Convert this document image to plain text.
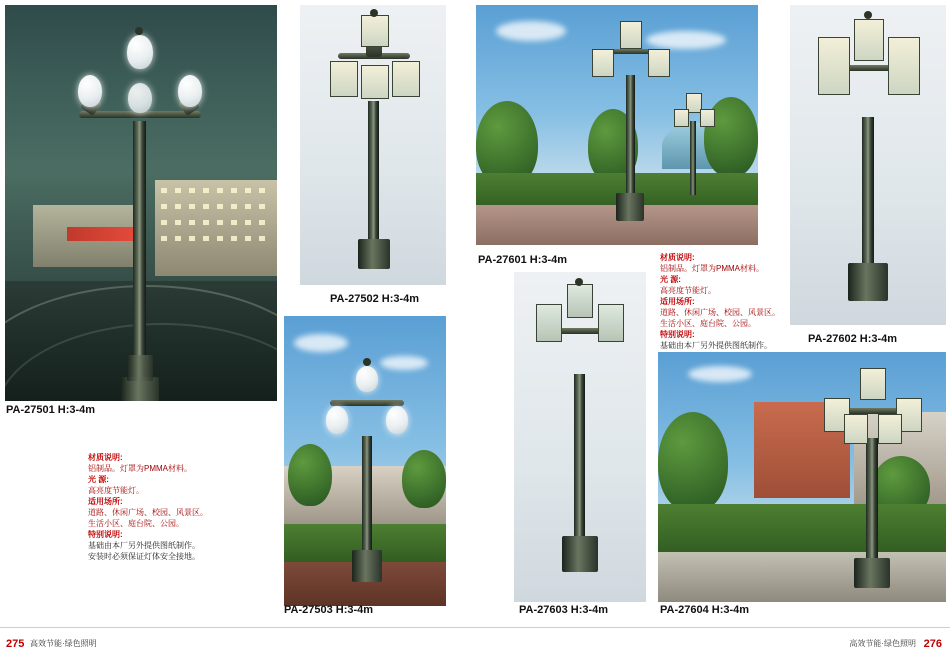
PA-27501 H:3-4m
材质说明:
铝制品。灯罩为PMMA材料。
光 源:
高亮度节能灯。
适用场所:
道路、休闲广场、校园、风景区。
生活小区、庭台院、公园。
特别说明:
基础由本厂另外提供图纸制作。
安装时必须保证灯体安全接地。
PA-27502 H:3-4m
PA-27503 H:3-4m
PA-27601 H:3-4m	材质说明:
铝制品。灯罩为PMMA材料。
光 源:
高亮度节能灯。
适用场所:
道路、休闲广场、校园、风景区。
生活小区、庭台院、公园。
特别说明:
基础由本厂另外提供图纸制作。
PA-27602 H:3-4m
PA-27603 H:3-4m	PA-27604 H:3-4m
275 高效节能·绿色照明	276
高效节能·绿色照明
